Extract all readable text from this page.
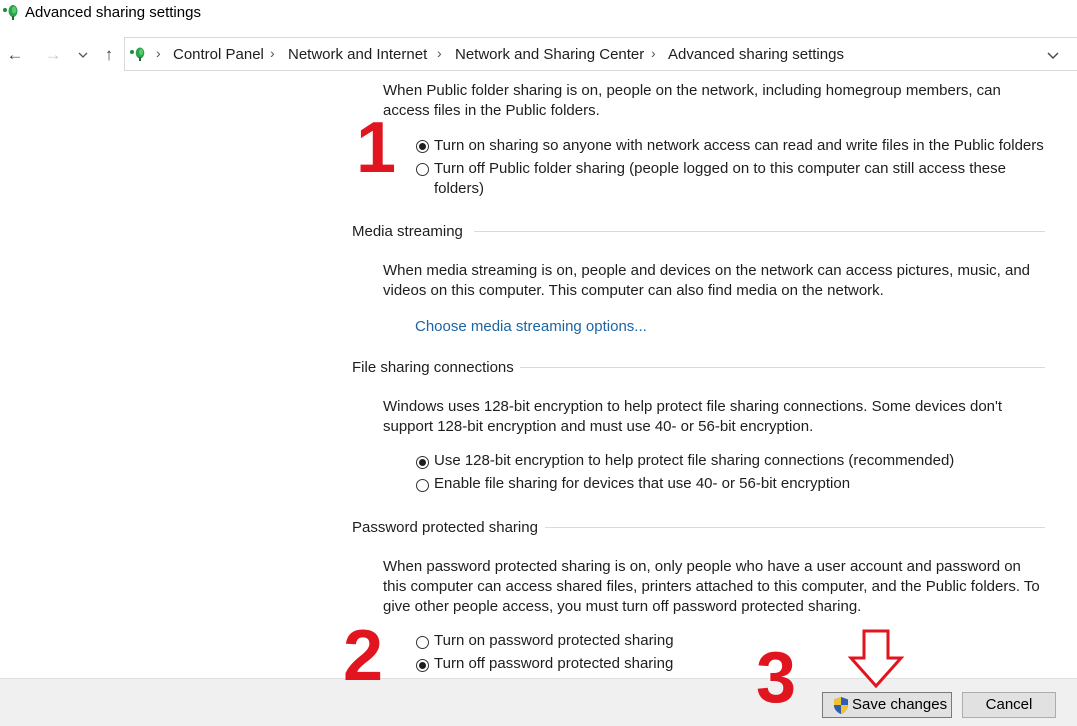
Advanced sharing settings
← →	↑	› Control Panel › Network and Internet › Network and Sharing Center › Advanced sharing settings
When Public folder sharing is on, people on the network, including homegroup members, can access files in the Public folders.
Turn on sharing so anyone with network access can read and write files in the Public folders
Turn off Public folder sharing (people logged on to this computer can still access these folders)
Media streaming
When media streaming is on, people and devices on the network can access pictures, music, and videos on this computer. This computer can also find media on the network.
Choose media streaming options...
File sharing connections
Windows uses 128-bit encryption to help protect file sharing connections. Some devices don't support 128-bit encryption and must use 40- or 56-bit encryption.
Use 128-bit encryption to help protect file sharing connections (recommended)
Enable file sharing for devices that use 40- or 56-bit encryption
Password protected sharing
When password protected sharing is on, only people who have a user account and password on this computer can access shared files, printers attached to this computer, and the Public folders. To give other people access, you must turn off password protected sharing.
Turn on password protected sharing
Turn off password protected sharing
Save changes	Cancel
1
2	3
